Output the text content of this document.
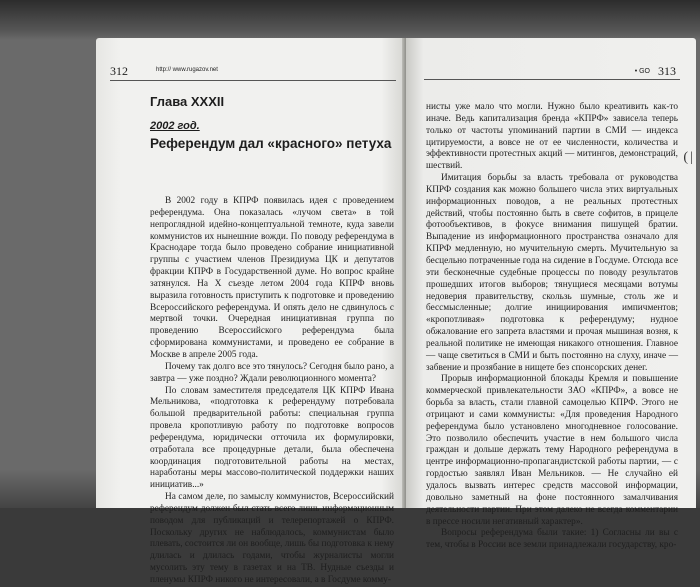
312	http:// www.rugazov.net
Глава XXXII
2002 год.
Референдум дал «красного» петуха

В 2002 году в КПРФ появилась идея с проведением референдума. Она показалась «лучом света» в той непроглядной идейно-концептуальной темноте, куда завели коммунистов их нынешние вожди. По поводу референдума в Краснодаре тогда было проведено собрание инициативной группы с участием членов Президиума ЦК и депутатов фракции КПРФ в Государственной думе. Но вопрос крайне затянулся. На Х съезде летом 2004 года КПРФ вновь выразила готовность приступить к подготовке и проведению Всероссийского референдума. И опять дело не сдвинулось с мертвой точки. Очередная инициативная группа по проведению Всероссийского референдума была сформирована коммунистами, и проведено ее собрание в Москве в апреле 2005 года.

Почему так долго все это тянулось? Сегодня было рано, а завтра — уже поздно? Ждали революционного момента?

По словам заместителя председателя ЦК КПРФ Ивана Мельникова, «подготовка к референдуму потребовала большой предварительной работы: специальная группа провела кропотливую работу по подготовке вопросов референдума, юридически отточила их формулировки, отработала все процедурные детали, была обеспечена координация подготовительной работы на местах, наработаны меры массово-политической поддержки наших инициатив...»

На самом деле, по замыслу коммунистов, Всероссийский референдум должен был стать всего лишь информационным поводом для публикаций и телерепортажей о КПРФ. Поскольку других не наблюдалось, коммунистам было плевать, состоится ли он вообще, лишь бы подготовка к нему длилась и длилась годами, чтобы журналисты могли мусолить эту тему в газетах и на ТВ. Нудные съезды и пленумы КПРФ никого не интересовали, а в Госдуме комму-

• GO 313

нисты уже мало что могли. Нужно было креативить как-то иначе. Ведь капитализация бренда «КПРФ» зависела теперь только от частоты упоминаний партии в СМИ — индекса цитируемости, а вовсе не от ее численности, количества и эффективности протестных акций — митингов, демонстраций, шествий.

Имитация борьбы за власть требовала от руководства КПРФ создания как можно большего числа этих виртуальных информационных поводов, а не реальных протестных действий, чтобы постоянно быть в свете софитов, в прицеле фотообъективов, в фокусе внимания пишущей братии. Выпадение из информационного пространства означало для КПРФ медленную, но мучительную смерть. Мучительную за бесцельно потраченные года на сидение в Госдуме. Отсюда все эти бесконечные судебные процессы по поводу результатов прошедших итогов выборов; тянущиеся месяцами вотумы недоверия правительству, скользь шумные, столь же и бессмысленные; долгие инициирования импичментов; «кропотливая» подготовка к референдуму; нудное обжалование его запрета властями и прочая мышиная возня, к реальной политике не имеющая никакого отношения. Главное — чаще светиться в СМИ и быть постоянно на слуху, иначе — забвение и прозябание в нищете без спонсорских денег.

Прорыв информационной блокады Кремля и повышение коммерческой привлекательности ЗАО «КПРФ», а вовсе не борьба за власть, стали главной самоцелью КПРФ. Этого не отрицают и сами коммунисты: «Для проведения Народного референдума было установлено многодневное голосование. Это позволило обеспечить участие в нем большого числа граждан и дольше держать тему Народного референдума в центре информационно-пропагандистской работы партии, — с гордостью заявлял Иван Мельников. — Не случайно ей удалось вызвать интерес средств массовой информации, довольно заметный на фоне постоянного замалчивания деятельности партии. При этом далеко не всегда комментарии в прессе носили негативный характер».

Вопросы референдума были такие: 1) Согласны ли вы с тем, чтобы в России все земли принадлежали государству, кро-

|
(
